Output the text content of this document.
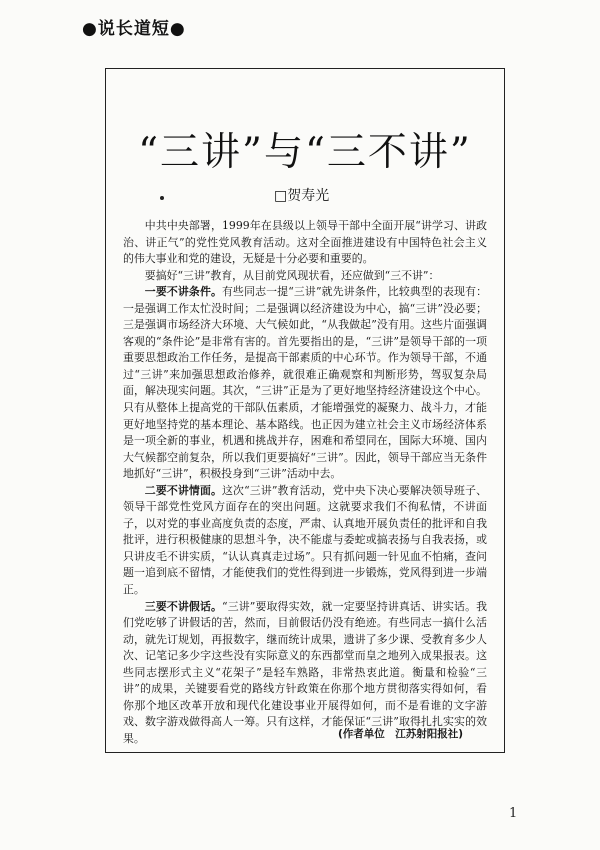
●说长道短●
“三讲”与“三不讲”
□贺寿光

中共中央部署，1999年在县级以上领导干部中全面开展“讲学习、讲政治、讲正气”的党性党风教育活动。这对全面推进建设有中国特色社会主义的伟大事业和党的建设，无疑是十分必要和重要的。

要搞好“三讲”教育，从目前党风现状看，还应做到“三不讲”：

一要不讲条件。有些同志一提“三讲”就先讲条件，比较典型的表现有：一是强调工作太忙没时间；二是强调以经济建设为中心，搞“三讲”没必要；三是强调市场经济大环境、大气候如此，“从我做起”没有用。这些片面强调客观的“条件论”是非常有害的。首先要指出的是，“三讲”是领导干部的一项重要思想政治工作任务，是提高干部素质的中心环节。作为领导干部，不通过“三讲”来加强思想政治修养，就很难正确观察和判断形势，驾驭复杂局面，解决现实问题。其次，“三讲”正是为了更好地坚持经济建设这个中心。只有从整体上提高党的干部队伍素质，才能增强党的凝聚力、战斗力，才能更好地坚持党的基本理论、基本路线。也正因为建立社会主义市场经济体系是一项全新的事业，机遇和挑战并存，困难和希望同在，国际大环境、国内大气候都空前复杂，所以我们更要搞好“三讲”。因此，领导干部应当无条件地抓好“三讲”，积极投身到“三讲”活动中去。

二要不讲情面。这次“三讲”教育活动，党中央下决心要解决领导班子、领导干部党性党风方面存在的突出问题。这就要求我们不徇私情，不讲面子，以对党的事业高度负责的态度，严肃、认真地开展负责任的批评和自我批评，进行积极健康的思想斗争，决不能虚与委蛇或搞表扬与自我表扬，或只讲皮毛不讲实质，“认认真真走过场”。只有抓问题一针见血不怕痛，查问题一追到底不留情，才能使我们的党性得到进一步锻炼，党风得到进一步端正。

三要不讲假话。“三讲”要取得实效，就一定要坚持讲真话、讲实话。我们党吃够了讲假话的苦，然而，目前假话仍没有绝迹。有些同志一搞什么活动，就先订规划，再报数字，继而统计成果，遗讲了多少课、受教育多少人次、记笔记多少字这些没有实际意义的东西都堂而皇之地列入成果报表。这些同志摆形式主义“花架子”是轻车熟路，非常热衷此道。衡量和检验“三讲”的成果，关键要看党的路线方针政策在你那个地方贯彻落实得如何，看你那个地区改革开放和现代化建设事业开展得如何，而不是看谁的文字游戏、数字游戏做得高人一筹。只有这样，才能保证“三讲”取得扎扎实实的效果。	(作者单位　江苏射阳报社)
1
